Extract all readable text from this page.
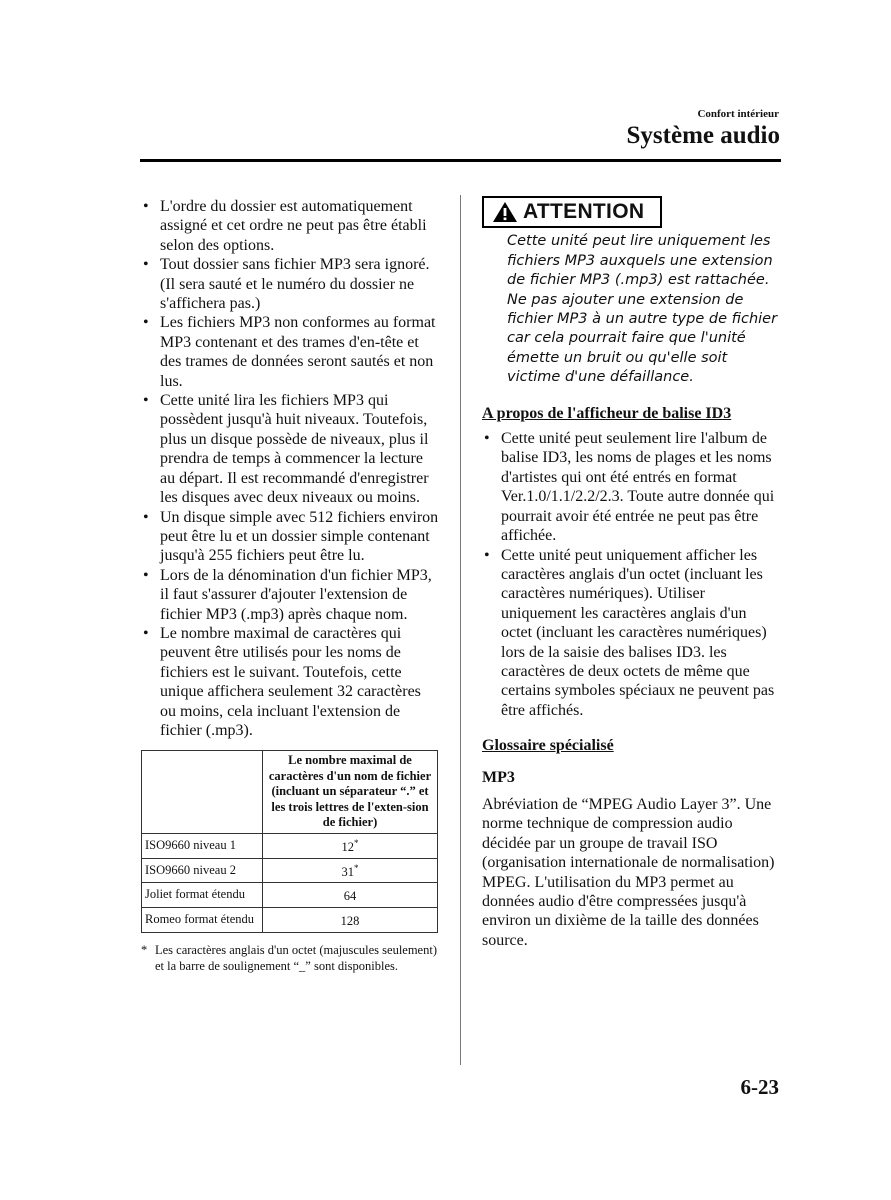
Confort intérieur
Système audio
• L'ordre du dossier est automatiquement assigné et cet ordre ne peut pas être établi selon des options.
• Tout dossier sans fichier MP3 sera ignoré. (Il sera sauté et le numéro du dossier ne s'affichera pas.)
• Les fichiers MP3 non conformes au format MP3 contenant et des trames d'en-tête et des trames de données seront sautés et non lus.
• Cette unité lira les fichiers MP3 qui possèdent jusqu'à huit niveaux. Toutefois, plus un disque possède de niveaux, plus il prendra de temps à commencer la lecture au départ. Il est recommandé d'enregistrer les disques avec deux niveaux ou moins.
• Un disque simple avec 512 fichiers environ peut être lu et un dossier simple contenant jusqu'à 255 fichiers peut être lu.
• Lors de la dénomination d'un fichier MP3, il faut s'assurer d'ajouter l'extension de fichier MP3 (.mp3) après chaque nom.
• Le nombre maximal de caractères qui peuvent être utilisés pour les noms de fichiers est le suivant. Toutefois, cette unique affichera seulement 32 caractères ou moins, cela incluant l'extension de fichier (.mp3).

	Le nombre maximal de caractères d'un nom de fichier
(incluant un séparateur “.” et les trois lettres de l'exten-sion de fichier)

ISO9660 niveau 1	12*
ISO9660 niveau 2	31*
Joliet format étendu	64
Romeo format étendu	128
* Les caractères anglais d'un octet (majuscules seulement) et la barre de soulignement “_” sont disponibles.
ATTENTION

Cette unité peut lire uniquement les fichiers MP3 auxquels une extension de fichier MP3 (.mp3) est rattachée. Ne pas ajouter une extension de fichier MP3 à un autre type de fichier car cela pourrait faire que l'unité émette un bruit ou qu'elle soit victime d'une défaillance.

A propos de l'afficheur de balise ID3
• Cette unité peut seulement lire l'album de balise ID3, les noms de plages et les noms d'artistes qui ont été entrés en format Ver.1.0/1.1/2.2/2.3. Toute autre donnée qui pourrait avoir été entrée ne peut pas être affichée.
• Cette unité peut uniquement afficher les caractères anglais d'un octet (incluant les caractères numériques). Utiliser uniquement les caractères anglais d'un octet (incluant les caractères numériques) lors de la saisie des balises ID3. les caractères de deux octets de même que certains symboles spéciaux ne peuvent pas être affichés.
Glossaire spécialisé
MP3

Abréviation de “MPEG Audio Layer 3”. Une norme technique de compression audio décidée par un groupe de travail ISO (organisation internationale de normalisation) MPEG. L'utilisation du MP3 permet au données audio d'être compressées jusqu'à environ un dixième de la taille des données source.

6-23
